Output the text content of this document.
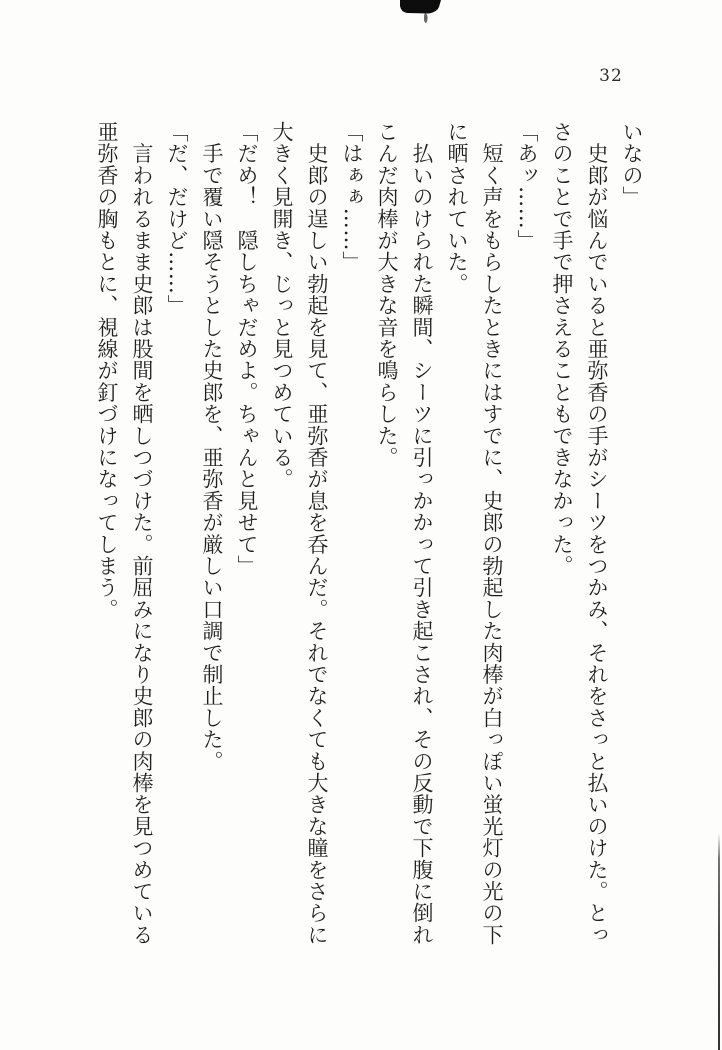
32

いなの」

　史郎が悩んでいると亜弥香の手がシーツをつかみ、それをさっと払いのけた。とっさのことで手で押さえることもできなかった。

「あッ……」

　短く声をもらしたときにはすでに、史郎の勃起した肉棒が白っぽい蛍光灯の光の下に晒されていた。

　払いのけられた瞬間、シーツに引っかかって引き起こされ、その反動で下腹に倒れこんだ肉棒が大きな音を鳴らした。

「はぁぁ……」

　史郎の逞しい勃起を見て、亜弥香が息を呑んだ。それでなくても大きな瞳をさらに大きく見開き、じっと見つめている。

「だめ！　隠しちゃだめよ。ちゃんと見せて」

　手で覆い隠そうとした史郎を、亜弥香が厳しい口調で制止した。

「だ、だけど……」

　言われるまま史郎は股間を晒しつづけた。前屈みになり史郎の肉棒を見つめている亜弥香の胸もとに、視線が釘づけになってしまう。
